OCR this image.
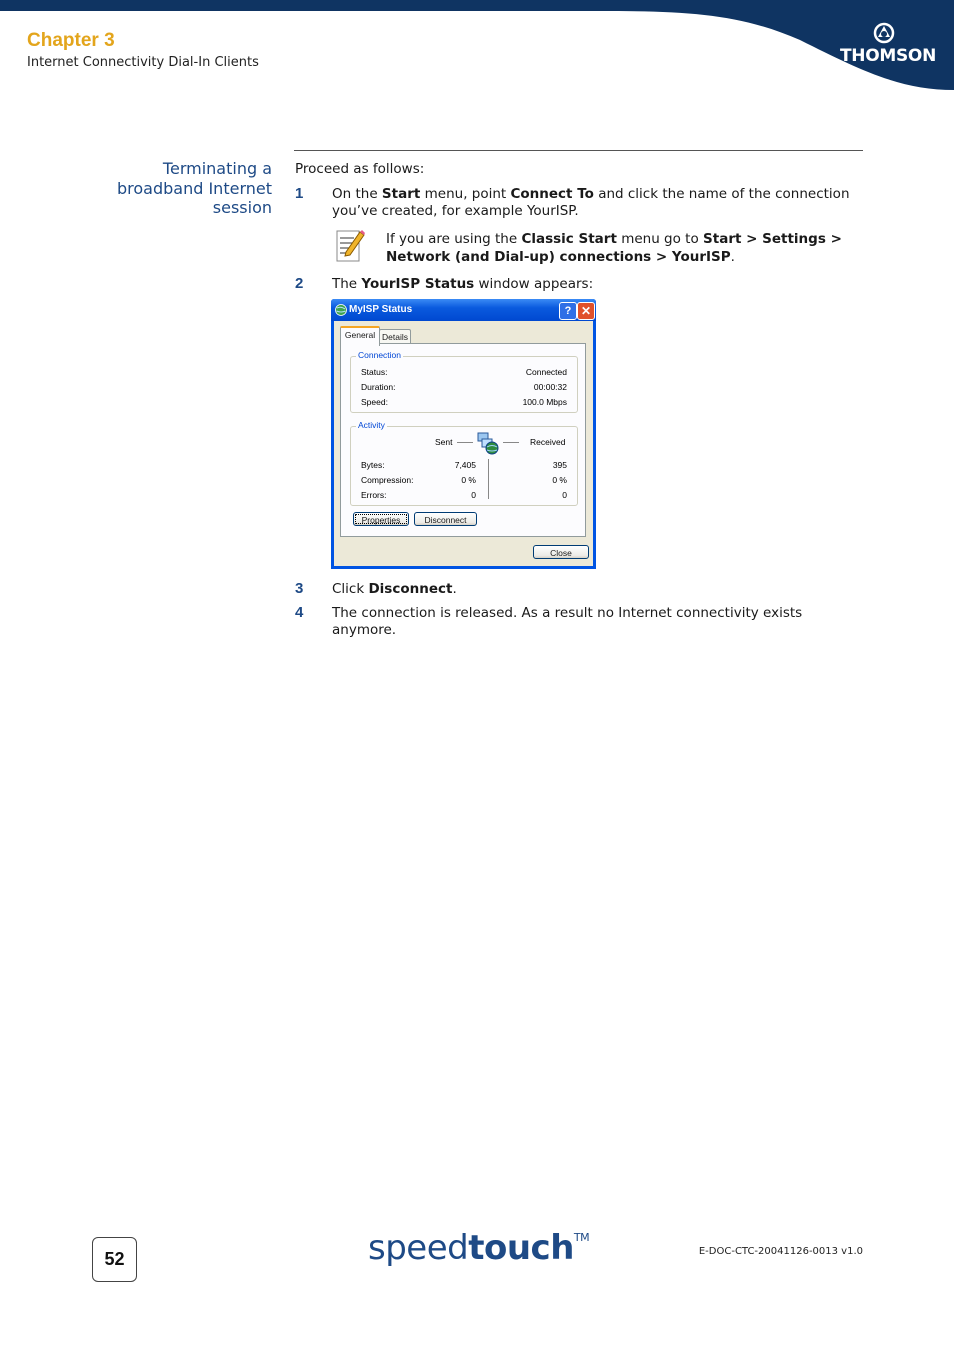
Chapter 3
Internet Connectivity Dial-In Clients	THOMSON
Terminating a
broadband Internet
session
Proceed as follows:
1 On the Start menu, point Connect To and click the name of the connection you’ve created, for example YourISP.
If you are using the Classic Start menu go to Start > Settings > Network (and Dial-up) connections > YourISP.
2 The YourISP Status window appears:
MyISP Status	? ✕
General Details
Connection
Status:	Connected
Duration:	00:00:32
Speed:	100.0 Mbps
Activity
Sent	Received
Bytes:	7,405	395
Compression:	0 %	0 %
Errors:	0	0
Properties	Disconnect
Close
3 Click Disconnect.
4 The connection is released. As a result no Internet connectivity exists anymore.
52	speedtouch™
E-DOC-CTC-20041126-0013 v1.0
